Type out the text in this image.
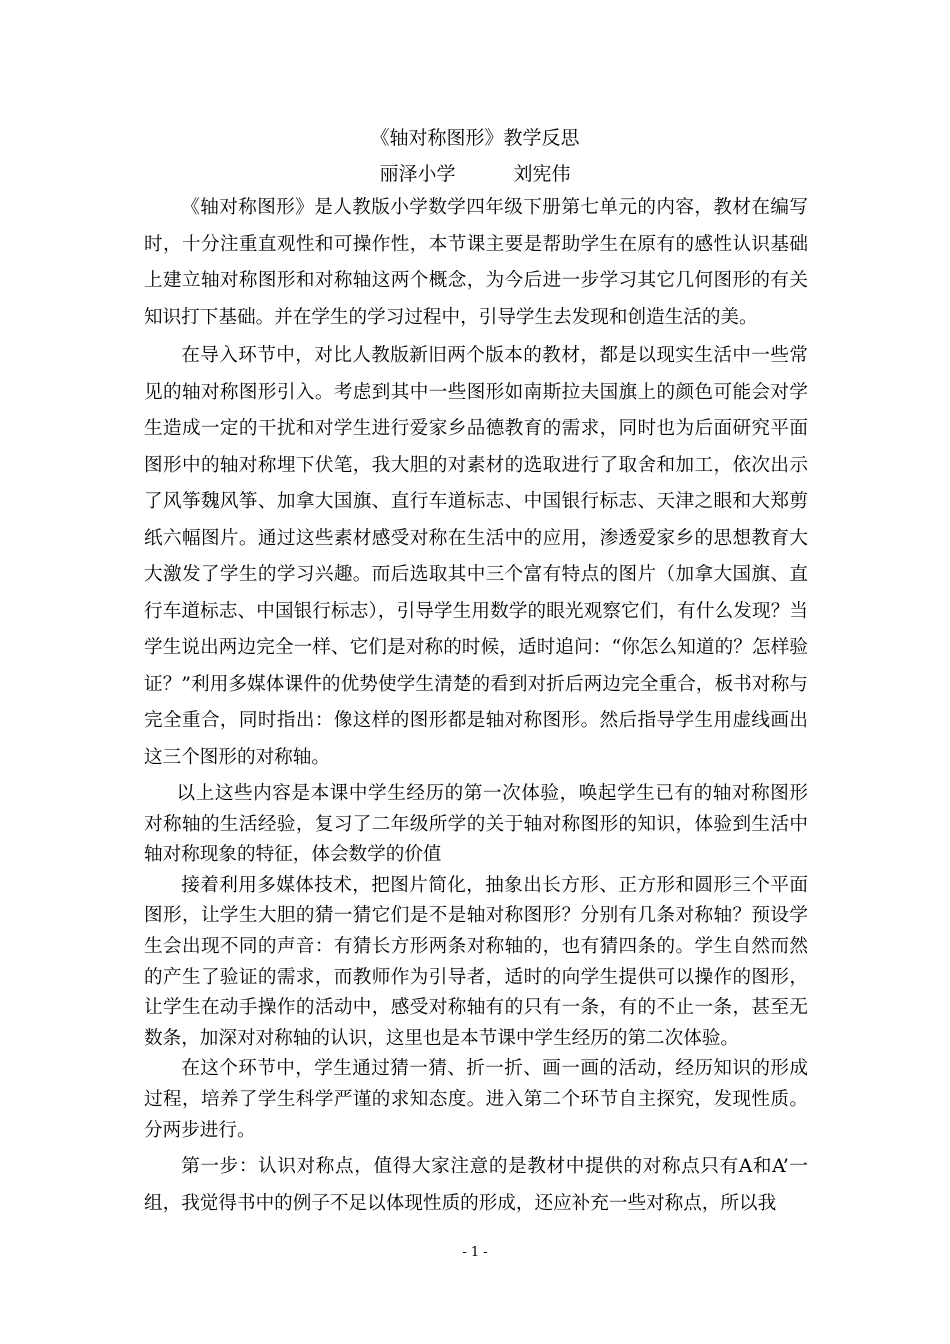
《轴对称图形》教学反思
丽泽小学	刘宪伟

《轴对称图形》是人教版小学数学四年级下册第七单元的内容，教材在编写时，十分注重直观性和可操作性，本节课主要是帮助学生在原有的感性认识基础上建立轴对称图形和对称轴这两个概念，为今后进一步学习其它几何图形的有关知识打下基础。并在学生的学习过程中，引导学生去发现和创造生活的美。

在导入环节中，对比人教版新旧两个版本的教材，都是以现实生活中一些常见的轴对称图形引入。考虑到其中一些图形如南斯拉夫国旗上的颜色可能会对学生造成一定的干扰和对学生进行爱家乡品德教育的需求，同时也为后面研究平面图形中的轴对称埋下伏笔，我大胆的对素材的选取进行了取舍和加工，依次出示了风筝魏风筝、加拿大国旗、直行车道标志、中国银行标志、天津之眼和大郑剪纸六幅图片。通过这些素材感受对称在生活中的应用，渗透爱家乡的思想教育大大激发了学生的学习兴趣。而后选取其中三个富有特点的图片（加拿大国旗、直行车道标志、中国银行标志），引导学生用数学的眼光观察它们，有什么发现？当学生说出两边完全一样、它们是对称的时候，适时追问：“你怎么知道的？怎样验证？”利用多媒体课件的优势使学生清楚的看到对折后两边完全重合，板书对称与完全重合，同时指出：像这样的图形都是轴对称图形。然后指导学生用虚线画出这三个图形的对称轴。

以上这些内容是本课中学生经历的第一次体验，唤起学生已有的轴对称图形对称轴的生活经验，复习了二年级所学的关于轴对称图形的知识，体验到生活中轴对称现象的特征，体会数学的价值

接着利用多媒体技术，把图片简化，抽象出长方形、正方形和圆形三个平面图形，让学生大胆的猜一猜它们是不是轴对称图形？分别有几条对称轴？预设学生会出现不同的声音：有猜长方形两条对称轴的，也有猜四条的。学生自然而然的产生了验证的需求，而教师作为引导者，适时的向学生提供可以操作的图形，让学生在动手操作的活动中，感受对称轴有的只有一条，有的不止一条，甚至无数条，加深对对称轴的认识，这里也是本节课中学生经历的第二次体验。

在这个环节中，学生通过猜一猜、折一折、画一画的活动，经历知识的形成过程，培养了学生科学严谨的求知态度。进入第二个环节自主探究，发现性质。分两步进行。

第一步：认识对称点，值得大家注意的是教材中提供的对称点只有A和A’一组，我觉得书中的例子不足以体现性质的形成，还应补充一些对称点，所以我

- 1 -
